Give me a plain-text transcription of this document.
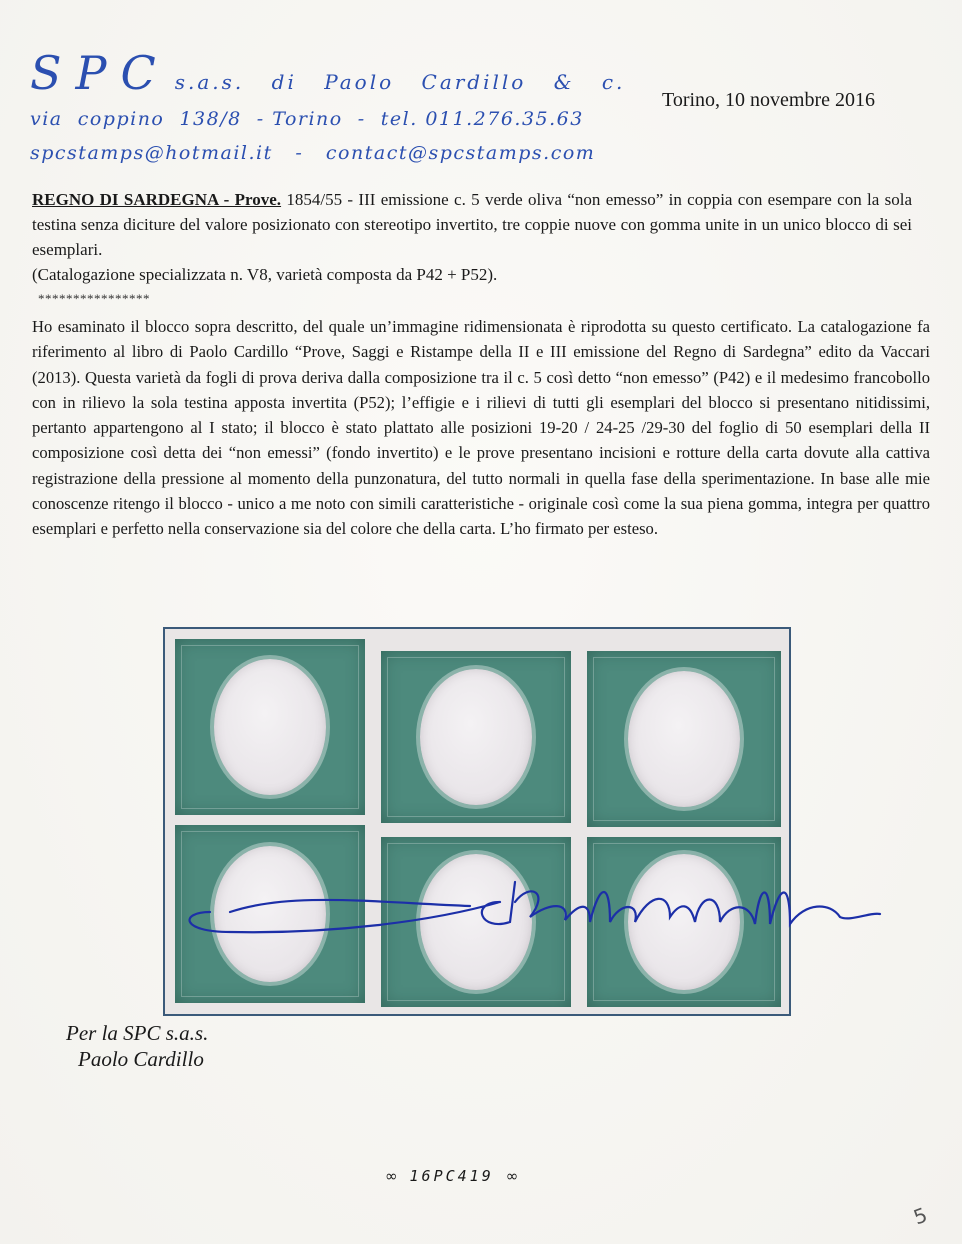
SPC s.a.s. di Paolo Cardillo & c.
via  coppino  138/8  - Torino  -  tel. 011.276.35.63
spcstamps@hotmail.it   -   contact@spcstamps.com
Torino, 10 novembre 2016
REGNO DI SARDEGNA - Prove. 1854/55 - III emissione c. 5 verde oliva “non emesso” in coppia con esempare con la sola testina senza diciture del valore posizionato con stereotipo invertito, tre coppie nuove con gomma unite in un unico blocco di sei esemplari.
(Catalogazione specializzata n. V8, varietà composta da P42 + P52).
****************
Ho esaminato il blocco sopra descritto, del quale un’immagine ridimensionata è riprodotta su questo certificato. La catalogazione fa riferimento al libro di Paolo Cardillo “Prove, Saggi e Ristampe della II e III emissione del Regno di Sardegna” edito da Vaccari (2013). Questa varietà da fogli di prova deriva dalla composizione tra il c. 5 così detto “non emesso” (P42) e il medesimo francobollo con in rilievo la sola testina apposta invertita (P52); l’effigie e i rilievi di tutti gli esemplari del blocco si presentano nitidissimi, pertanto appartengono al I stato; il blocco è stato plattato alle posizioni 19-20 / 24-25 /29-30 del foglio di 50 esemplari della II composizione così detta dei “non emessi” (fondo invertito) e le prove presentano incisioni e rotture della carta dovute alla cattiva registrazione della pressione al momento della punzonatura, del tutto normali in quella fase della sperimentazione. In base alle mie conoscenze ritengo il blocco - unico a me noto con simili caratteristiche - originale così come la sua piena gomma, integra per quattro esemplari e perfetto nella conservazione sia del colore che della carta. L’ho firmato per esteso.
Per la SPC s.a.s.
Paolo Cardillo
∞ 16PC419 ∞
5
